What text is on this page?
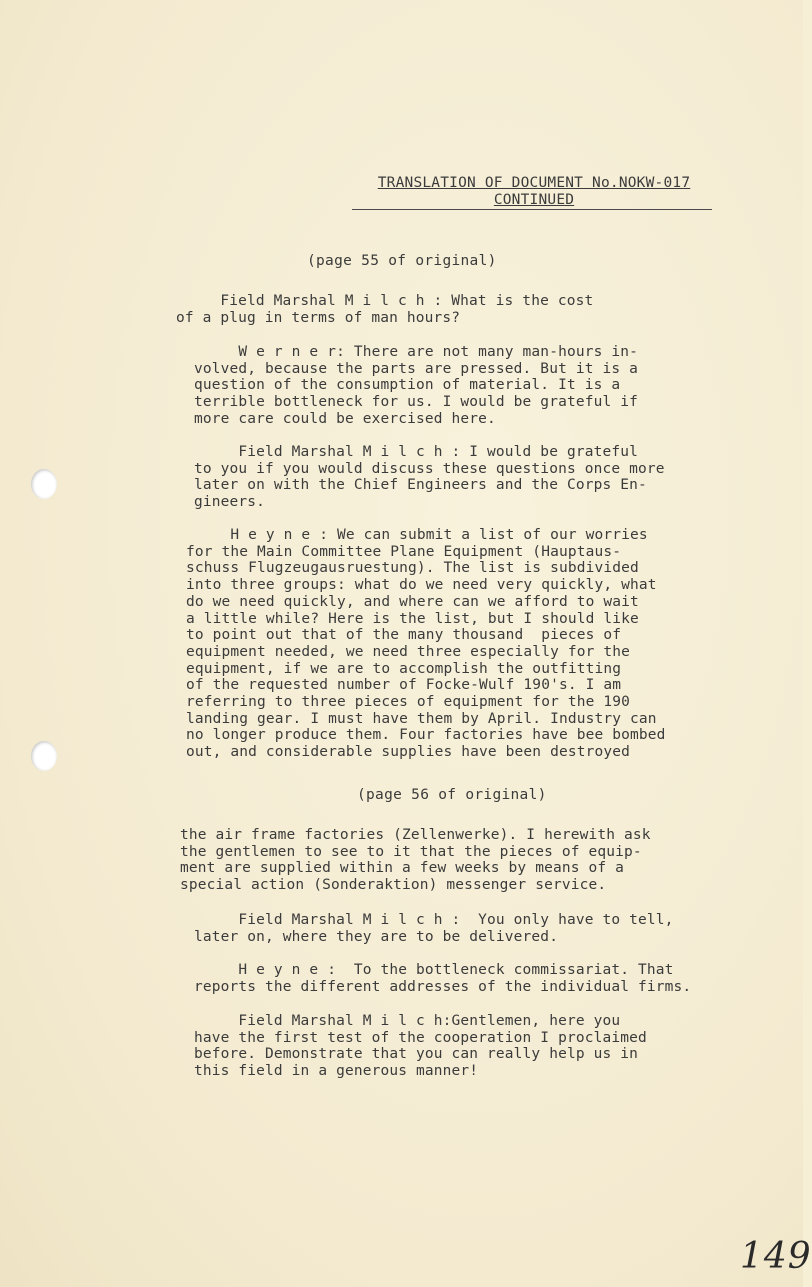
TRANSLATION OF DOCUMENT No.NOKW-017
CONTINUED
(page 55 of original)
Field Marshal M i l c h : What is the cost
of a plug in terms of man hours?
W e r n e r: There are not many man-hours in-
volved, because the parts are pressed. But it is a
question of the consumption of material. It is a
terrible bottleneck for us. I would be grateful if
more care could be exercised here.
Field Marshal M i l c h : I would be grateful
to you if you would discuss these questions once more
later on with the Chief Engineers and the Corps En-
gineers.
H e y n e : We can submit a list of our worries
for the Main Committee Plane Equipment (Hauptaus-
schuss Flugzeugausruestung). The list is subdivided
into three groups: what do we need very quickly, what
do we need quickly, and where can we afford to wait
a little while? Here is the list, but I should like
to point out that of the many thousand  pieces of
equipment needed, we need three especially for the
equipment, if we are to accomplish the outfitting
of the requested number of Focke-Wulf 190's. I am
referring to three pieces of equipment for the 190
landing gear. I must have them by April. Industry can
no longer produce them. Four factories have bee bombed
out, and considerable supplies have been destroyed
(page 56 of original)
the air frame factories (Zellenwerke). I herewith ask
the gentlemen to see to it that the pieces of equip-
ment are supplied within a few weeks by means of a
special action (Sonderaktion) messenger service.
Field Marshal M i l c h :  You only have to tell,
later on, where they are to be delivered.
H e y n e :  To the bottleneck commissariat. That
reports the different addresses of the individual firms.
Field Marshal M i l c h:Gentlemen, here you
have the first test of the cooperation I proclaimed
before. Demonstrate that you can really help us in
this field in a generous manner!
149
